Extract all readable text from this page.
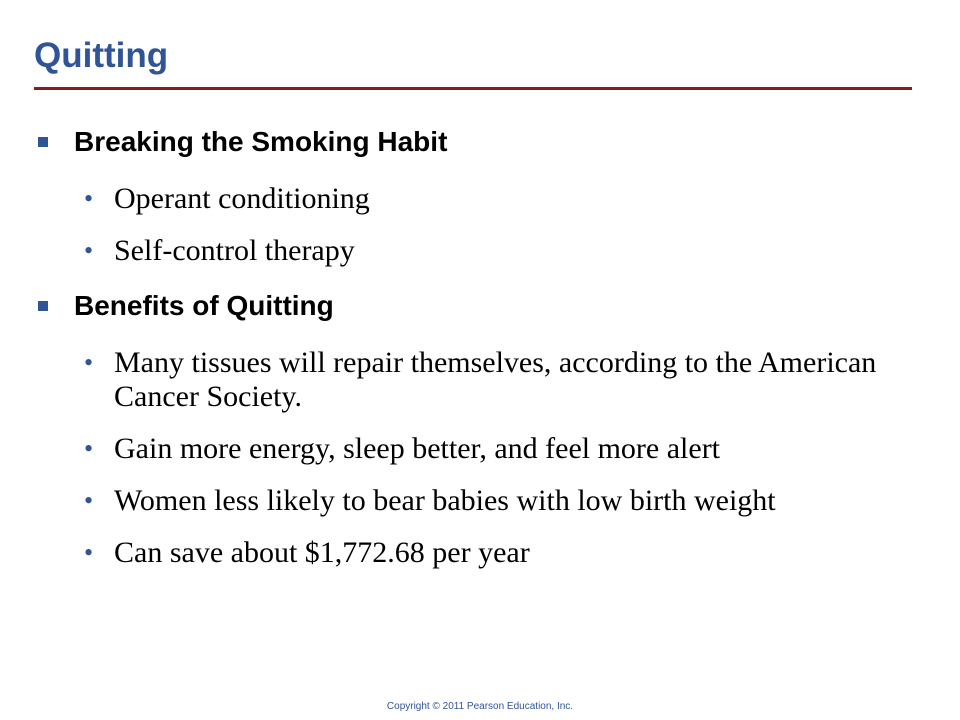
Quitting
Breaking the Smoking Habit
• Operant conditioning
• Self-control therapy
Benefits of Quitting
• Many tissues will repair themselves, according to the American Cancer Society.
• Gain more energy, sleep better, and feel more alert
• Women less likely to bear babies with low birth weight
• Can save about $1,772.68 per year
Copyright © 2011 Pearson Education, Inc.
